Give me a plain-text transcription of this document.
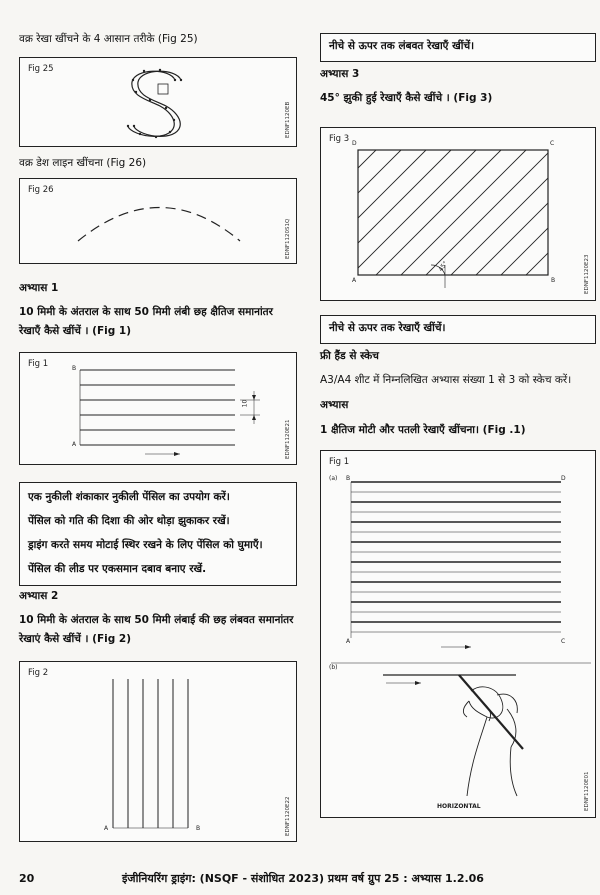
वक्र रेखा खींचने के 4 आसान तरीके (Fig 25)
Fig 25
EDNF1120EB
वक्र डेश लाइन खींचना (Fig 26)
Fig 26
EDNF1120S1Q
अभ्यास 1
10 मिमी के अंतराल के साथ 50 मिमी लंबी छह क्षैतिज समानांतर
रेखाएँ कैसे खींचें । (Fig 1)
Fig 1	B
A
10
EDNF1120E21
एक नुकीली शंकाकार नुकीली पेंसिल का उपयोग करें।
पेंसिल को गति की दिशा की ओर थोड़ा झुकाकर रखें।
ड्राइंग करते समय मोटाई स्थिर रखने के लिए पेंसिल को घुमाएँ।
पेंसिल की लीड पर एकसमान दबाव बनाए रखें.
अभ्यास 2
10 मिमी के अंतराल के साथ 50 मिमी लंबाई की छह लंबवत समानांतर
रेखाएं कैसे खींचें । (Fig 2)
Fig 2
A	B	EDNF1120E22
नीचे से ऊपर तक लंबवत रेखाएँ खींचें।
अभ्यास 3
45° झुकी हुई रेखाएँ कैसे खींचे । (Fig 3)
Fig 3 D	C
A	B
45°	EDNF1120E23
नीचे से ऊपर तक रेखाएँ खींचें।
फ्री हैंड से स्केच
A3/A4 शीट में निम्नलिखित अभ्यास संख्या 1 से 3 को स्केच करें।
अभ्यास
1 क्षैतिज मोटी और पतली रेखाएँ खींचना। (Fig .1)
Fig 1
(a) B	D
A	C
(b)
HORIZONTAL	EDNF1120E01
20	इंजीनियरिंग ड्राइंग: (NSQF - संशोधित 2023) प्रथम वर्ष ग्रुप 25 : अभ्यास 1.2.06
